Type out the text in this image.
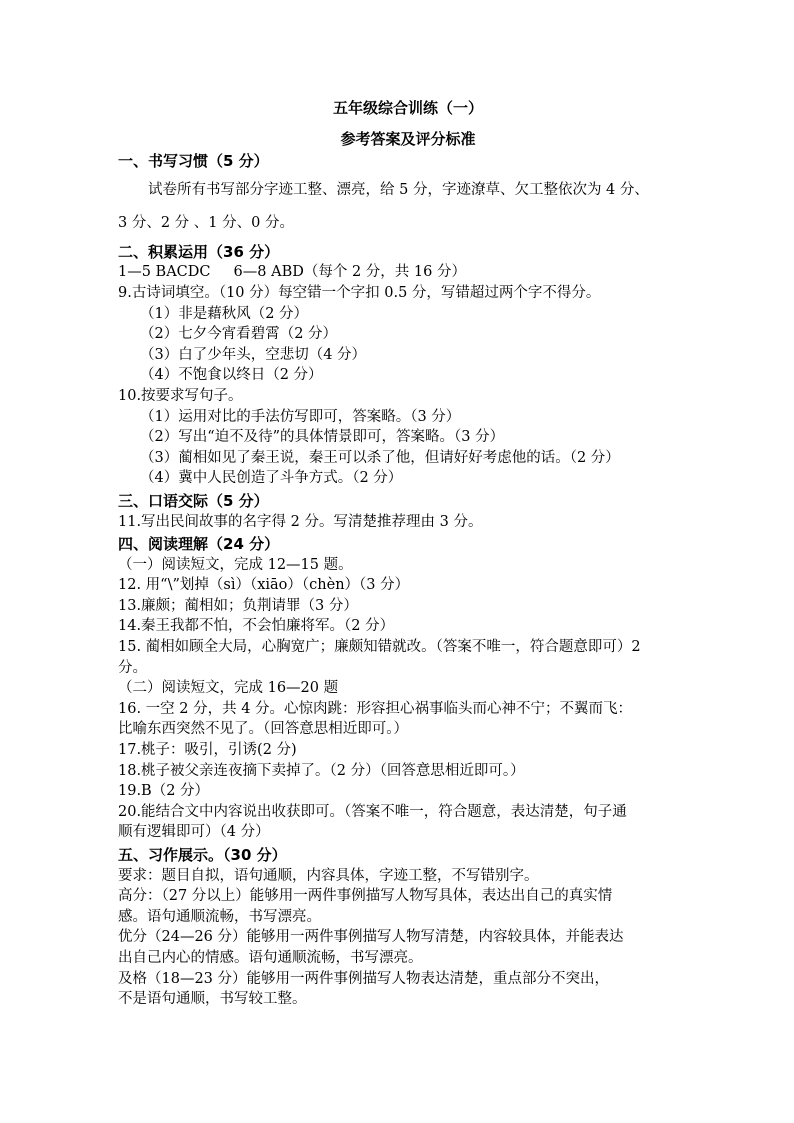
五年级综合训练（一）
参考答案及评分标准
一、书写习惯（5 分）
试卷所有书写部分字迹工整、漂亮，给 5 分，字迹潦草、欠工整依次为 4 分、
3 分、2 分 、1 分、0 分。
二、积累运用（36 分）
1—5 BACDC     6—8 ABD（每个 2 分，共 16 分）
9.古诗词填空。（10 分）每空错一个字扣 0.5 分，写错超过两个字不得分。
（1）非是藉秋风（2 分）
（2）七夕今宵看碧霄（2 分）
（3）白了少年头，空悲切（4 分）
（4）不饱食以终日（2 分）
10.按要求写句子。
（1）运用对比的手法仿写即可，答案略。（3 分）
（2）写出“迫不及待”的具体情景即可，答案略。（3 分）
（3）蔺相如见了秦王说，秦王可以杀了他，但请好好考虑他的话。（2 分）
（4）冀中人民创造了斗争方式。（2 分）
三、口语交际（5 分）
11.写出民间故事的名字得 2 分。写清楚推荐理由 3 分。
四、阅读理解（24 分）
（一）阅读短文，完成 12—15 题。
12. 用“\”划掉（sì）（xiāo）（chèn）（3 分）
13.廉颇；蔺相如；负荆请罪（3 分）
14.秦王我都不怕，不会怕廉将军。（2 分）
15. 蔺相如顾全大局，心胸宽广；廉颇知错就改。（答案不唯一，符合题意即可）2
分。
（二）阅读短文，完成 16—20 题
16. 一空 2 分，共 4 分。心惊肉跳：形容担心祸事临头而心神不宁；不翼而飞：
比喻东西突然不见了。（回答意思相近即可。）
17.桃子：吸引，引诱(2 分)
18.桃子被父亲连夜摘下卖掉了。（2 分）（回答意思相近即可。）
19.B（2 分）
20.能结合文中内容说出收获即可。（答案不唯一，符合题意，表达清楚，句子通
顺有逻辑即可）（4 分）
五、习作展示。（30 分）
要求：题目自拟，语句通顺，内容具体，字迹工整，不写错别字。
高分：（27 分以上）能够用一两件事例描写人物写具体，表达出自己的真实情
感。语句通顺流畅，书写漂亮。
优分（24—26 分）能够用一两件事例描写人物写清楚，内容较具体，并能表达
出自己内心的情感。语句通顺流畅，书写漂亮。
及格（18—23 分）能够用一两件事例描写人物表达清楚，重点部分不突出，
不是语句通顺，书写较工整。
